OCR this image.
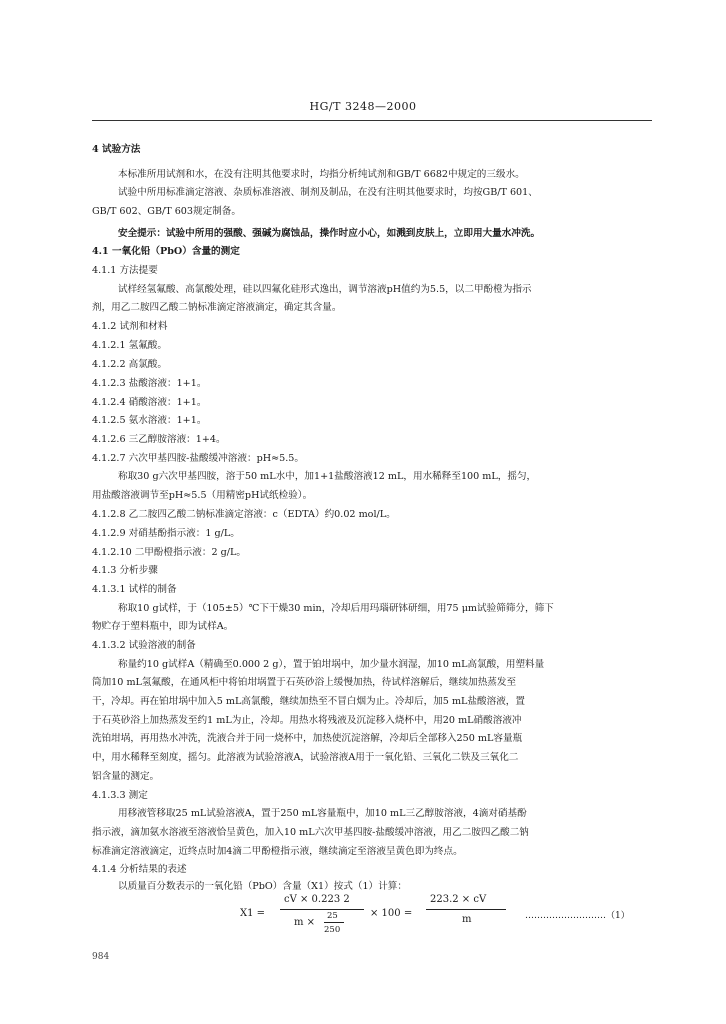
HG/T 3248—2000
4 试验方法
本标准所用试剂和水，在没有注明其他要求时，均指分析纯试剂和GB/T 6682中规定的三级水。
试验中所用标准滴定溶液、杂质标准溶液、制剂及制品，在没有注明其他要求时，均按GB/T 601、
GB/T 602、GB/T 603规定制备。
安全提示：试验中所用的强酸、强碱为腐蚀品，操作时应小心，如溅到皮肤上，立即用大量水冲洗。
4.1 一氧化铅（PbO）含量的测定
4.1.1 方法提要
试样经氢氟酸、高氯酸处理，硅以四氟化硅形式逸出，调节溶液pH值约为5.5，以二甲酚橙为指示
剂，用乙二胺四乙酸二钠标准滴定溶液滴定，确定其含量。
4.1.2 试剂和材料
4.1.2.1 氢氟酸。
4.1.2.2 高氯酸。
4.1.2.3 盐酸溶液：1+1。
4.1.2.4 硝酸溶液：1+1。
4.1.2.5 氨水溶液：1+1。
4.1.2.6 三乙醇胺溶液：1+4。
4.1.2.7 六次甲基四胺-盐酸缓冲溶液：pH≈5.5。
称取30 g六次甲基四胺，溶于50 mL水中，加1+1盐酸溶液12 mL，用水稀释至100 mL，摇匀，
用盐酸溶液调节至pH≈5.5（用精密pH试纸检验）。
4.1.2.8 乙二胺四乙酸二钠标准滴定溶液：c（EDTA）约0.02 mol/L。
4.1.2.9 对硝基酚指示液：1 g/L。
4.1.2.10 二甲酚橙指示液：2 g/L。
4.1.3 分析步骤
4.1.3.1 试样的制备
称取10 g试样，于（105±5）℃下干燥30 min，冷却后用玛瑙研钵研细，用75 μm试验筛筛分，筛下
物贮存于塑料瓶中，即为试样A。
4.1.3.2 试验溶液的制备
称量约10 g试样A（精确至0.000 2 g），置于铂坩埚中，加少量水润湿，加10 mL高氯酸，用塑料量
筒加10 mL氢氟酸，在通风柜中将铂坩埚置于石英砂浴上缓慢加热，待试样溶解后，继续加热蒸发至
干，冷却。再在铂坩埚中加入5 mL高氯酸，继续加热至不冒白烟为止。冷却后，加5 mL盐酸溶液，置
于石英砂浴上加热蒸发至约1 mL为止，冷却。用热水将残液及沉淀移入烧杯中，用20 mL硝酸溶液冲
洗铂坩埚，再用热水冲洗，洗液合并于同一烧杯中，加热使沉淀溶解，冷却后全部移入250 mL容量瓶
中，用水稀释至刻度，摇匀。此溶液为试验溶液A，试验溶液A用于一氧化铅、三氧化二铁及三氧化二
铝含量的测定。
4.1.3.3 测定
用移液管移取25 mL试验溶液A，置于250 mL容量瓶中，加10 mL三乙醇胺溶液，4滴对硝基酚
指示液，滴加氨水溶液至溶液恰呈黄色，加入10 mL六次甲基四胺-盐酸缓冲溶液，用乙二胺四乙酸二钠
标准滴定溶液滴定，近终点时加4滴二甲酚橙指示液，继续滴定至溶液呈黄色即为终点。
4.1.4 分析结果的表述
以质量百分数表示的一氧化铅（PbO）含量（X1）按式（1）计算：
X1 =
cV × 0.223 2
m ×
25
250
× 100 =
223.2 × cV
m	………………………（1）
984
